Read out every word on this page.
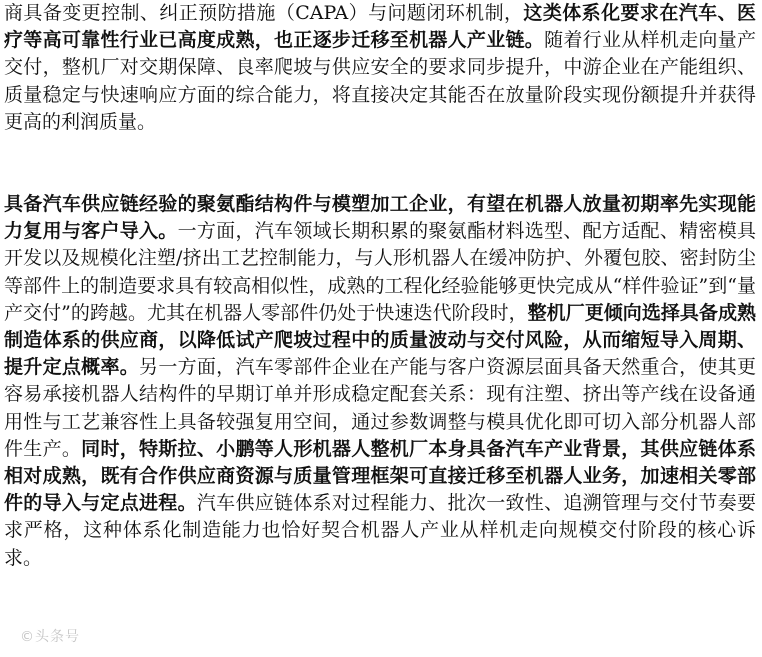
商具备变更控制、纠正预防措施（CAPA）与问题闭环机制，这类体系化要求在汽车、医疗等高可靠性行业已高度成熟，也正逐步迁移至机器人产业链。随着行业从样机走向量产交付，整机厂对交期保障、良率爬坡与供应安全的要求同步提升，中游企业在产能组织、质量稳定与快速响应方面的综合能力，将直接决定其能否在放量阶段实现份额提升并获得更高的利润质量。

具备汽车供应链经验的聚氨酯结构件与模塑加工企业，有望在机器人放量初期率先实现能力复用与客户导入。一方面，汽车领域长期积累的聚氨酯材料选型、配方适配、精密模具开发以及规模化注塑/挤出工艺控制能力，与人形机器人在缓冲防护、外覆包胶、密封防尘等部件上的制造要求具有较高相似性，成熟的工程化经验能够更快完成从“样件验证”到“量产交付”的跨越。尤其在机器人零部件仍处于快速迭代阶段时，整机厂更倾向选择具备成熟制造体系的供应商，以降低试产爬坡过程中的质量波动与交付风险，从而缩短导入周期、提升定点概率。另一方面，汽车零部件企业在产能与客户资源层面具备天然重合，使其更容易承接机器人结构件的早期订单并形成稳定配套关系：现有注塑、挤出等产线在设备通用性与工艺兼容性上具备较强复用空间，通过参数调整与模具优化即可切入部分机器人部件生产。同时，特斯拉、小鹏等人形机器人整机厂本身具备汽车产业背景，其供应链体系相对成熟，既有合作供应商资源与质量管理框架可直接迁移至机器人业务，加速相关零部件的导入与定点进程。汽车供应链体系对过程能力、批次一致性、追溯管理与交付节奏要求严格，这种体系化制造能力也恰好契合机器人产业从样机走向规模交付阶段的核心诉求。

©头条号
